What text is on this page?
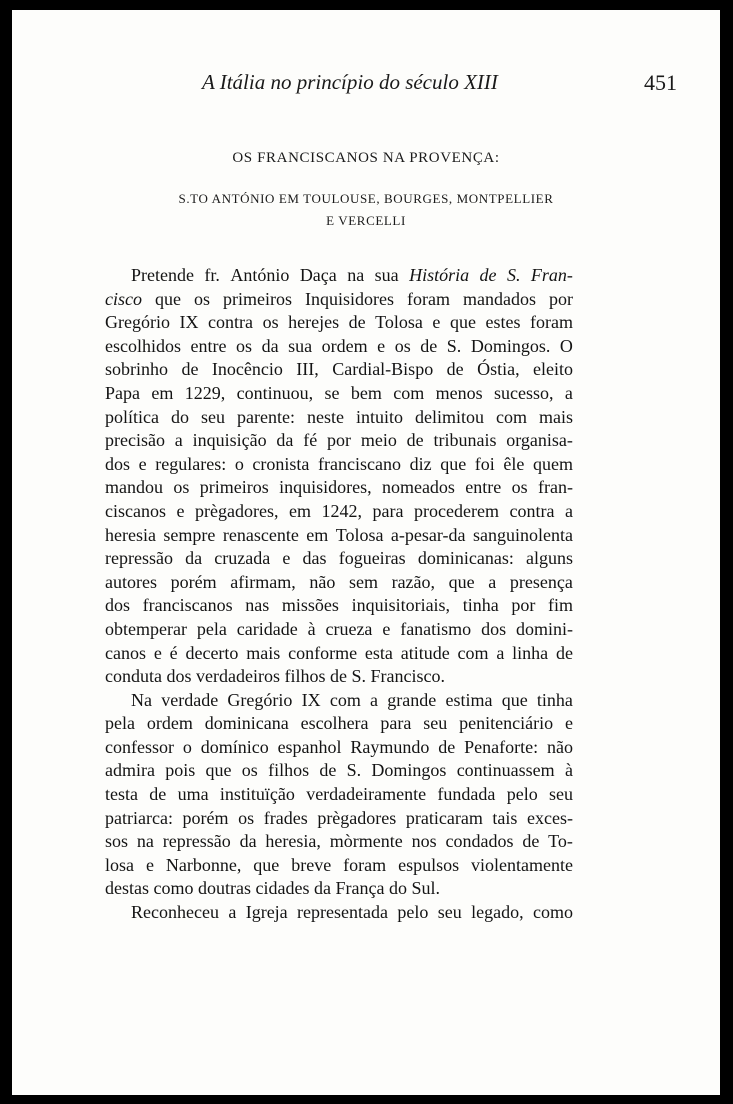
A Itália no princípio do século XIII	451
OS FRANCISCANOS NA PROVENÇA:
S.TO ANTÓNIO EM TOULOUSE, BOURGES, MONTPELLIER
E VERCELLI
Pretende fr. António Daça na sua História de S. Fran-
cisco que os primeiros Inquisidores foram mandados por
Gregório IX contra os herejes de Tolosa e que estes foram
escolhidos entre os da sua ordem e os de S. Domingos. O
sobrinho de Inocêncio III, Cardial-Bispo de Óstia, eleito
Papa em 1229, continuou, se bem com menos sucesso, a
política do seu parente: neste intuito delimitou com mais
precisão a inquisição da fé por meio de tribunais organisa-
dos e regulares: o cronista franciscano diz que foi êle quem
mandou os primeiros inquisidores, nomeados entre os fran-
ciscanos e prègadores, em 1242, para procederem contra a
heresia sempre renascente em Tolosa a-pesar-da sanguinolenta
repressão da cruzada e das fogueiras dominicanas: alguns
autores porém afirmam, não sem razão, que a presença
dos franciscanos nas missões inquisitoriais, tinha por fim
obtemperar pela caridade à crueza e fanatismo dos domini-
canos e é decerto mais conforme esta atitude com a linha de
conduta
dos
verdadeiros
filhos
de
S.
Francisco.
Na verdade Gregório IX com a grande estima que tinha
pela ordem dominicana escolhera para seu penitenciário e
confessor o domínico espanhol Raymundo de Penaforte: não
admira pois que os filhos de S. Domingos continuassem à
testa de uma instituïção verdadeiramente fundada pelo seu
patriarca: porém os frades prègadores praticaram tais exces-
sos na repressão da heresia, mòrmente nos condados de To-
losa e Narbonne, que breve foram espulsos violentamente
destas
como
doutras
cidades
da
França
do
Sul.
Reconheceu a Igreja representada pelo seu legado, como
